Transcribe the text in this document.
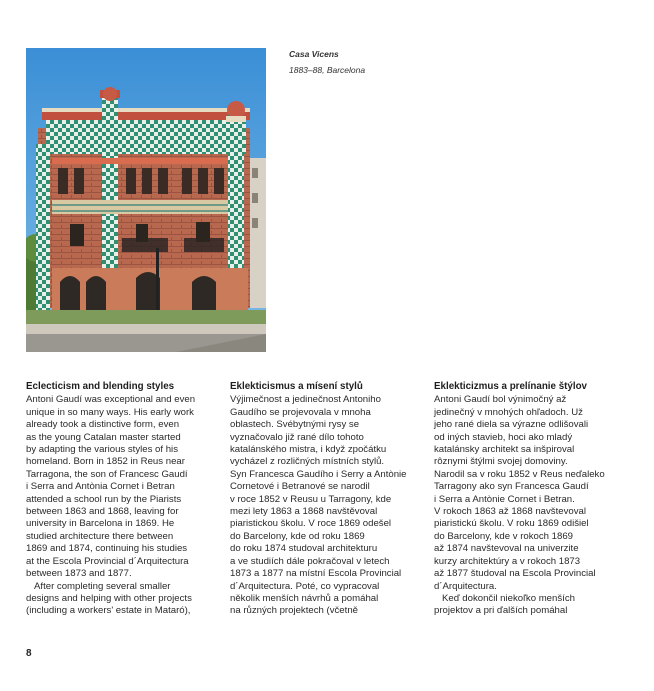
Casa Vicens
1883–88, Barcelona
Eclecticism and blending styles

Antoni Gaudí was exceptional and even
unique in so many ways. His early work
already took a distinctive form, even
as the young Catalan master started
by adapting the various styles of his
homeland. Born in 1852 in Reus near
Tarragona, the son of Francesc Gaudí
i Serra and Antònia Cornet i Betran
attended a school run by the Piarists
between 1863 and 1868, leaving for
university in Barcelona in 1869. He
studied architecture there between
1869 and 1874, continuing his studies
at the Escola Provincial d´Arquitectura
between 1873 and 1877.

After completing several smaller
designs and helping with other projects
(including a workers' estate in Mataró),

Eklekticismus a mísení stylů

Výjimečnost a jedinečnost Antoniho
Gaudího se projevovala v mnoha
oblastech. Svébytnými rysy se
vyznačovalo již rané dílo tohoto
katalánského mistra, i když zpočátku
vycházel z rozličných místních stylů.
Syn Francesca Gaudího i Serry a Antònie
Cornetové i Betranové se narodil
v roce 1852 v Reusu u Tarragony, kde
mezi lety 1863 a 1868 navštěvoval
piaristickou školu. V roce 1869 odešel
do Barcelony, kde od roku 1869
do roku 1874 studoval architekturu
a ve studiích dále pokračoval v letech
1873 a 1877 na místní Escola Provincial
d´Arquitectura. Poté, co vypracoval
několik menších návrhů a pomáhal
na různých projektech (včetně

Eklekticizmus a prelínanie štýlov

Antoni Gaudí bol výnimočný až
jedinečný v mnohých ohľadoch. Už
jeho rané diela sa výrazne odlišovali
od iných stavieb, hoci ako mladý
katalánsky architekt sa inšpiroval
rôznymi štýlmi svojej domoviny.
Narodil sa v roku 1852 v Reus neďaleko
Tarragony ako syn Francesca Gaudí
i Serra a Antònie Cornet i Betran.
V rokoch 1863 až 1868 navštevoval
piaristickú školu. V roku 1869 odišiel
do Barcelony, kde v rokoch 1869
až 1874 navštevoval na univerzite
kurzy architektúry a v rokoch 1873
až 1877 študoval na Escola Provincial
d´Arquitectura.

Keď dokončil niekoľko menších
projektov a pri ďalších pomáhal

8
